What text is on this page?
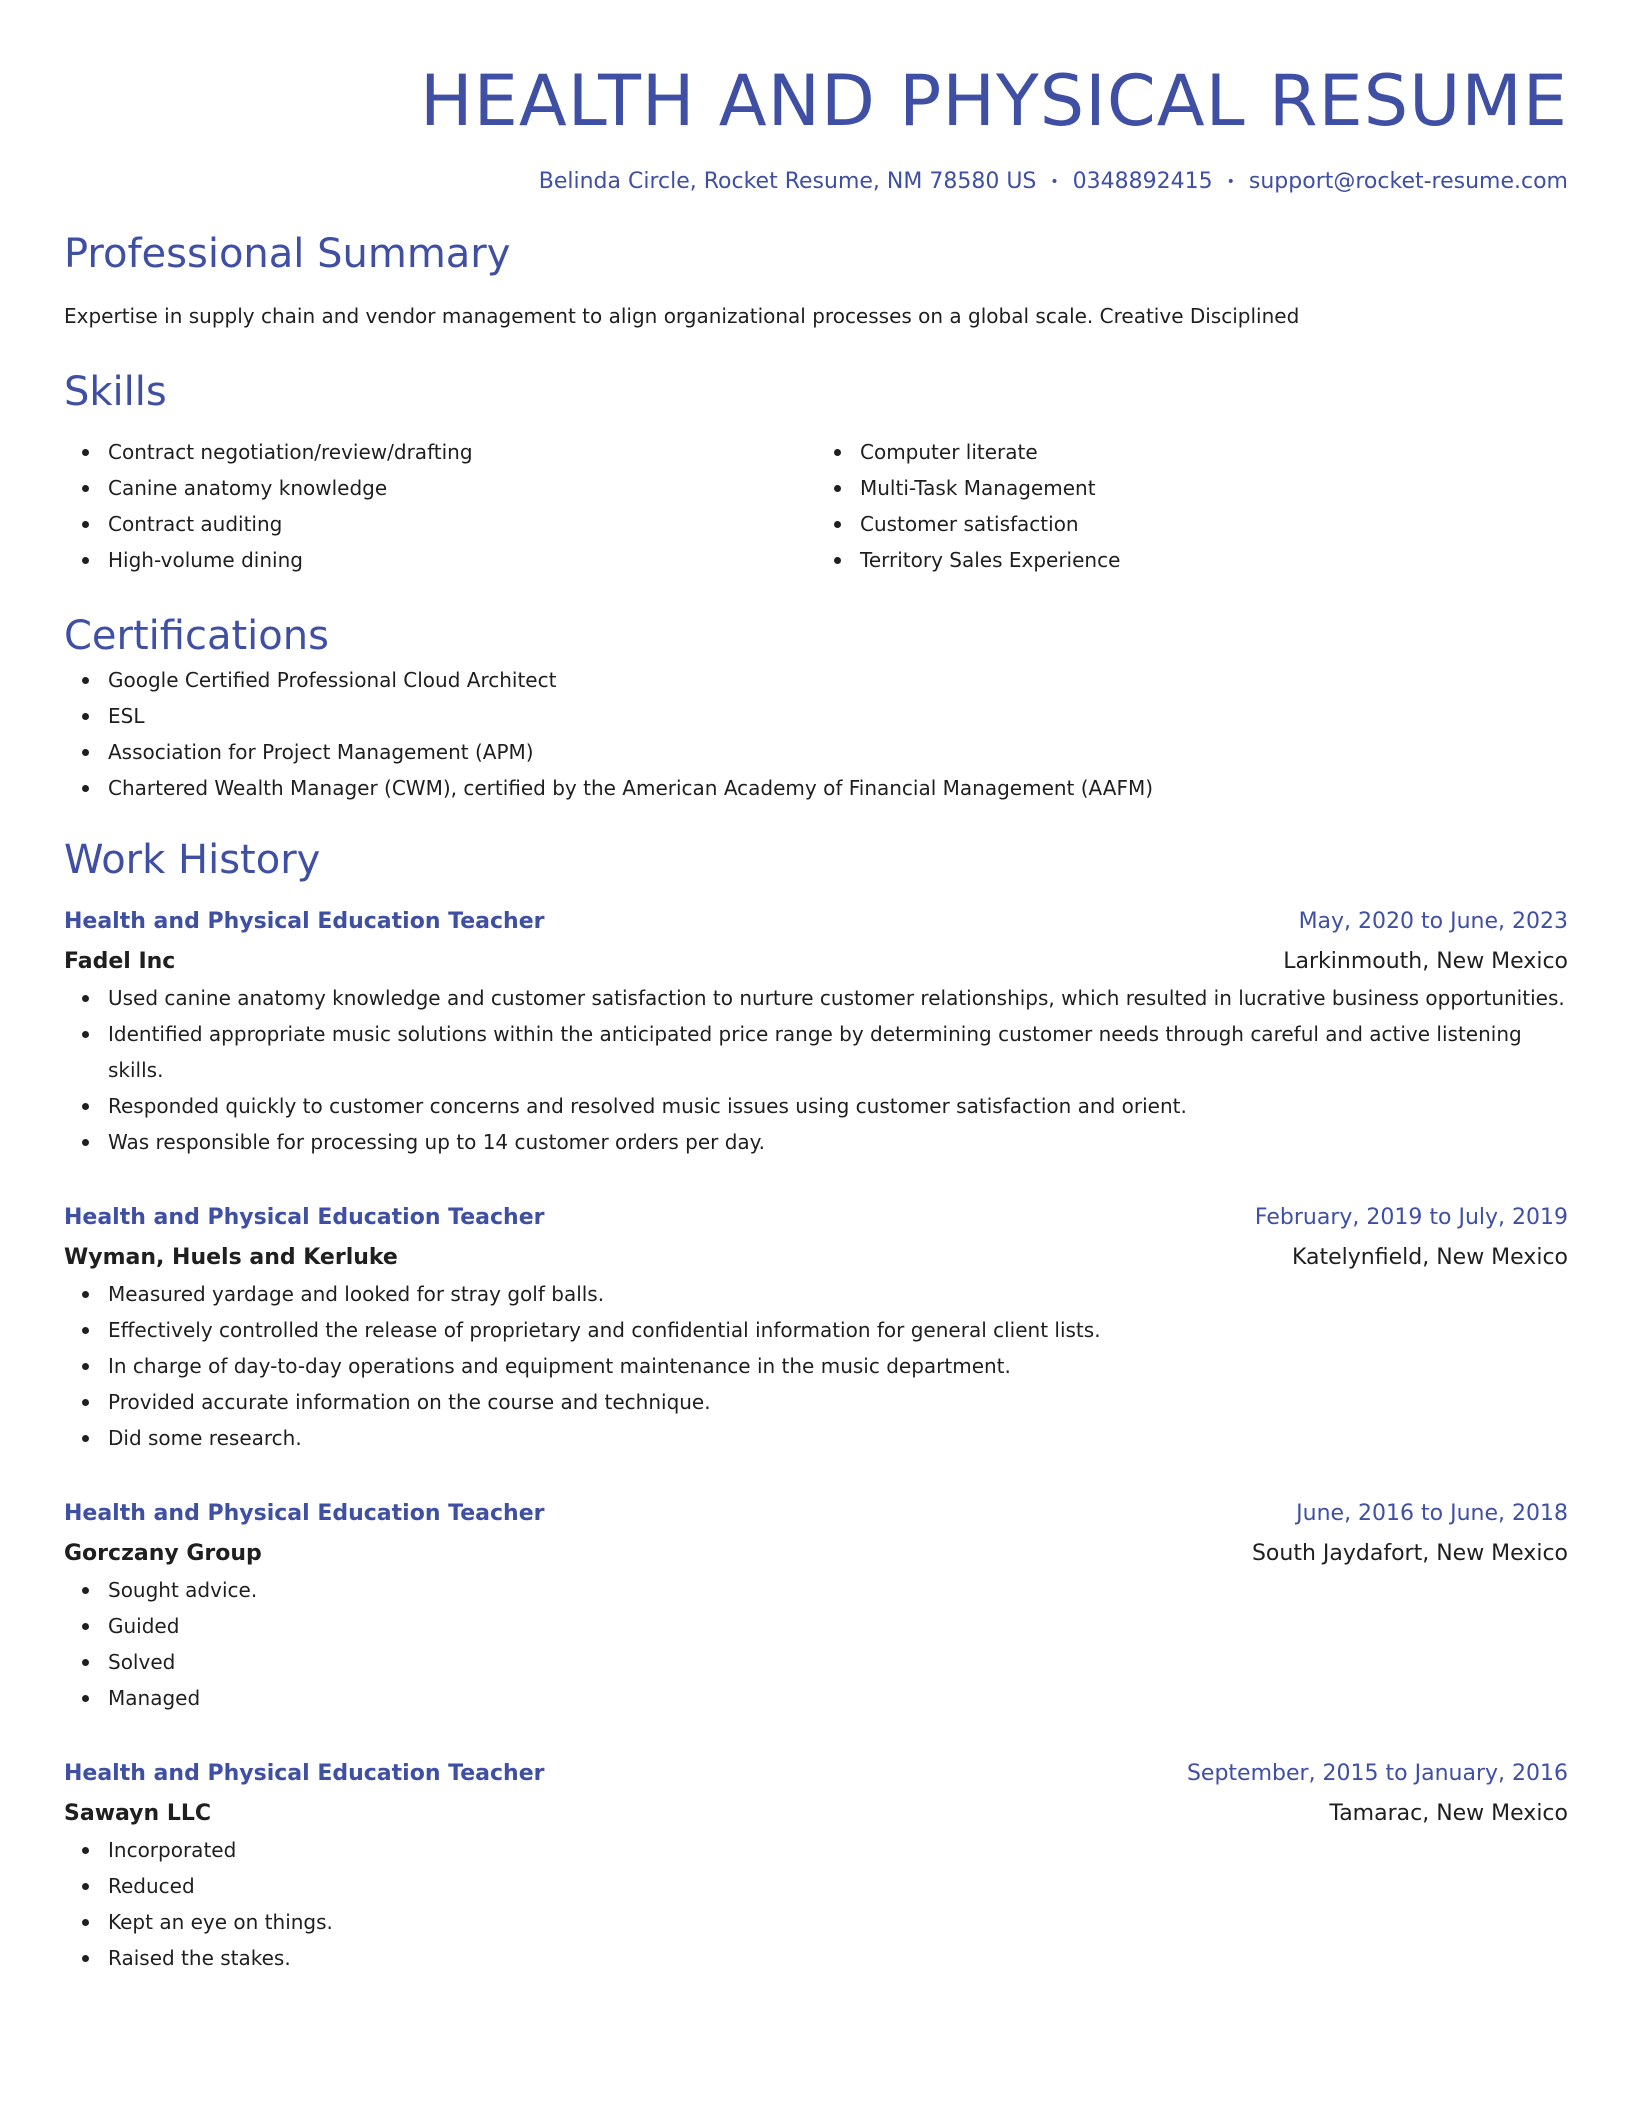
HEALTH AND PHYSICAL RESUME
Belinda Circle, Rocket Resume, NM 78580 US • 0348892415 • support@rocket-resume.com
Professional Summary
Expertise in supply chain and vendor management to align organizational processes on a global scale. Creative Disciplined
Skills
Contract negotiation/review/drafting
Canine anatomy knowledge
Contract auditing
High-volume dining
Computer literate
Multi-Task Management
Customer satisfaction
Territory Sales Experience
Certifications
Google Certified Professional Cloud Architect
ESL
Association for Project Management (APM)
Chartered Wealth Manager (CWM), certified by the American Academy of Financial Management (AAFM)
Work History
Health and Physical Education Teacher	May, 2020 to June, 2023
Fadel Inc	Larkinmouth, New Mexico
Used canine anatomy knowledge and customer satisfaction to nurture customer relationships, which resulted in lucrative business opportunities.
Identified appropriate music solutions within the anticipated price range by determining customer needs through careful and active listening skills.
Responded quickly to customer concerns and resolved music issues using customer satisfaction and orient.
Was responsible for processing up to 14 customer orders per day.
Health and Physical Education Teacher	February, 2019 to July, 2019
Wyman, Huels and Kerluke	Katelynfield, New Mexico
Measured yardage and looked for stray golf balls.
Effectively controlled the release of proprietary and confidential information for general client lists.
In charge of day-to-day operations and equipment maintenance in the music department.
Provided accurate information on the course and technique.
Did some research.
Health and Physical Education Teacher	June, 2016 to June, 2018
Gorczany Group	South Jaydafort, New Mexico
Sought advice.
Guided
Solved
Managed
Health and Physical Education Teacher	September, 2015 to January, 2016
Sawayn LLC	Tamarac, New Mexico
Incorporated
Reduced
Kept an eye on things.
Raised the stakes.
